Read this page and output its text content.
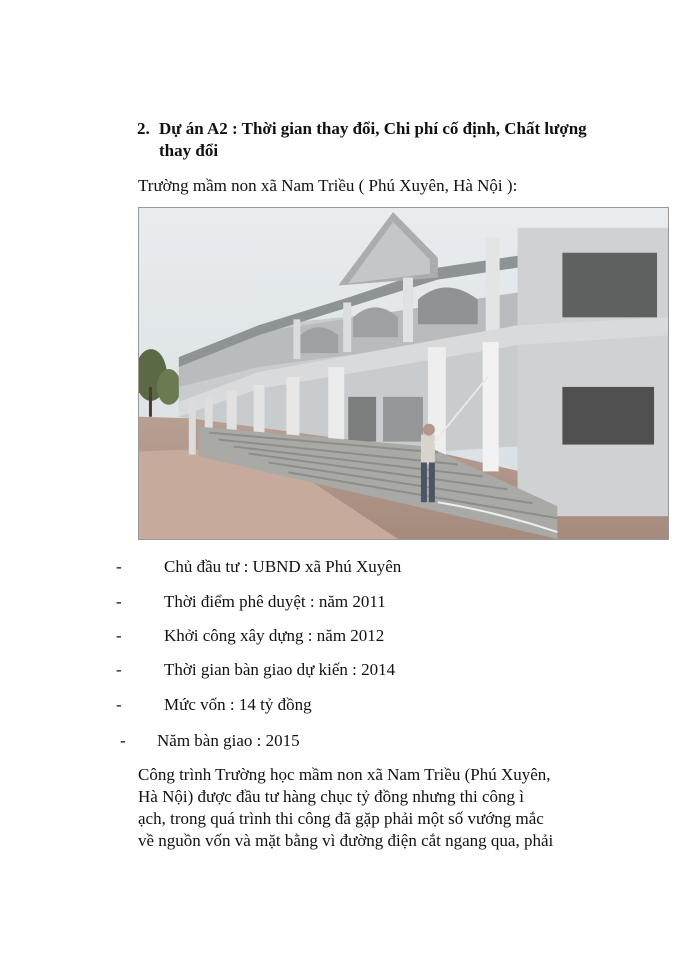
2. Dự án A2 : Thời gian thay đổi, Chi phí cố định, Chất lượng thay đổi
Trường mầm non xã Nam Triều ( Phú Xuyên, Hà Nội ):
- Chủ đầu tư : UBND xã Phú Xuyên
- Thời điểm phê duyệt : năm 2011
- Khởi công xây dựng : năm 2012
- Thời gian bàn giao dự kiến : 2014
- Mức vốn : 14 tỷ đồng
- Năm bàn giao : 2015
Công trình Trường học mầm non xã Nam Triều (Phú Xuyên,
Hà Nội) được đầu tư hàng chục tỷ đồng nhưng thi công ì
ạch, trong quá trình thi công đã gặp phải một số vướng mắc
về nguồn vốn và mặt bằng vì đường điện cắt ngang qua, phải
